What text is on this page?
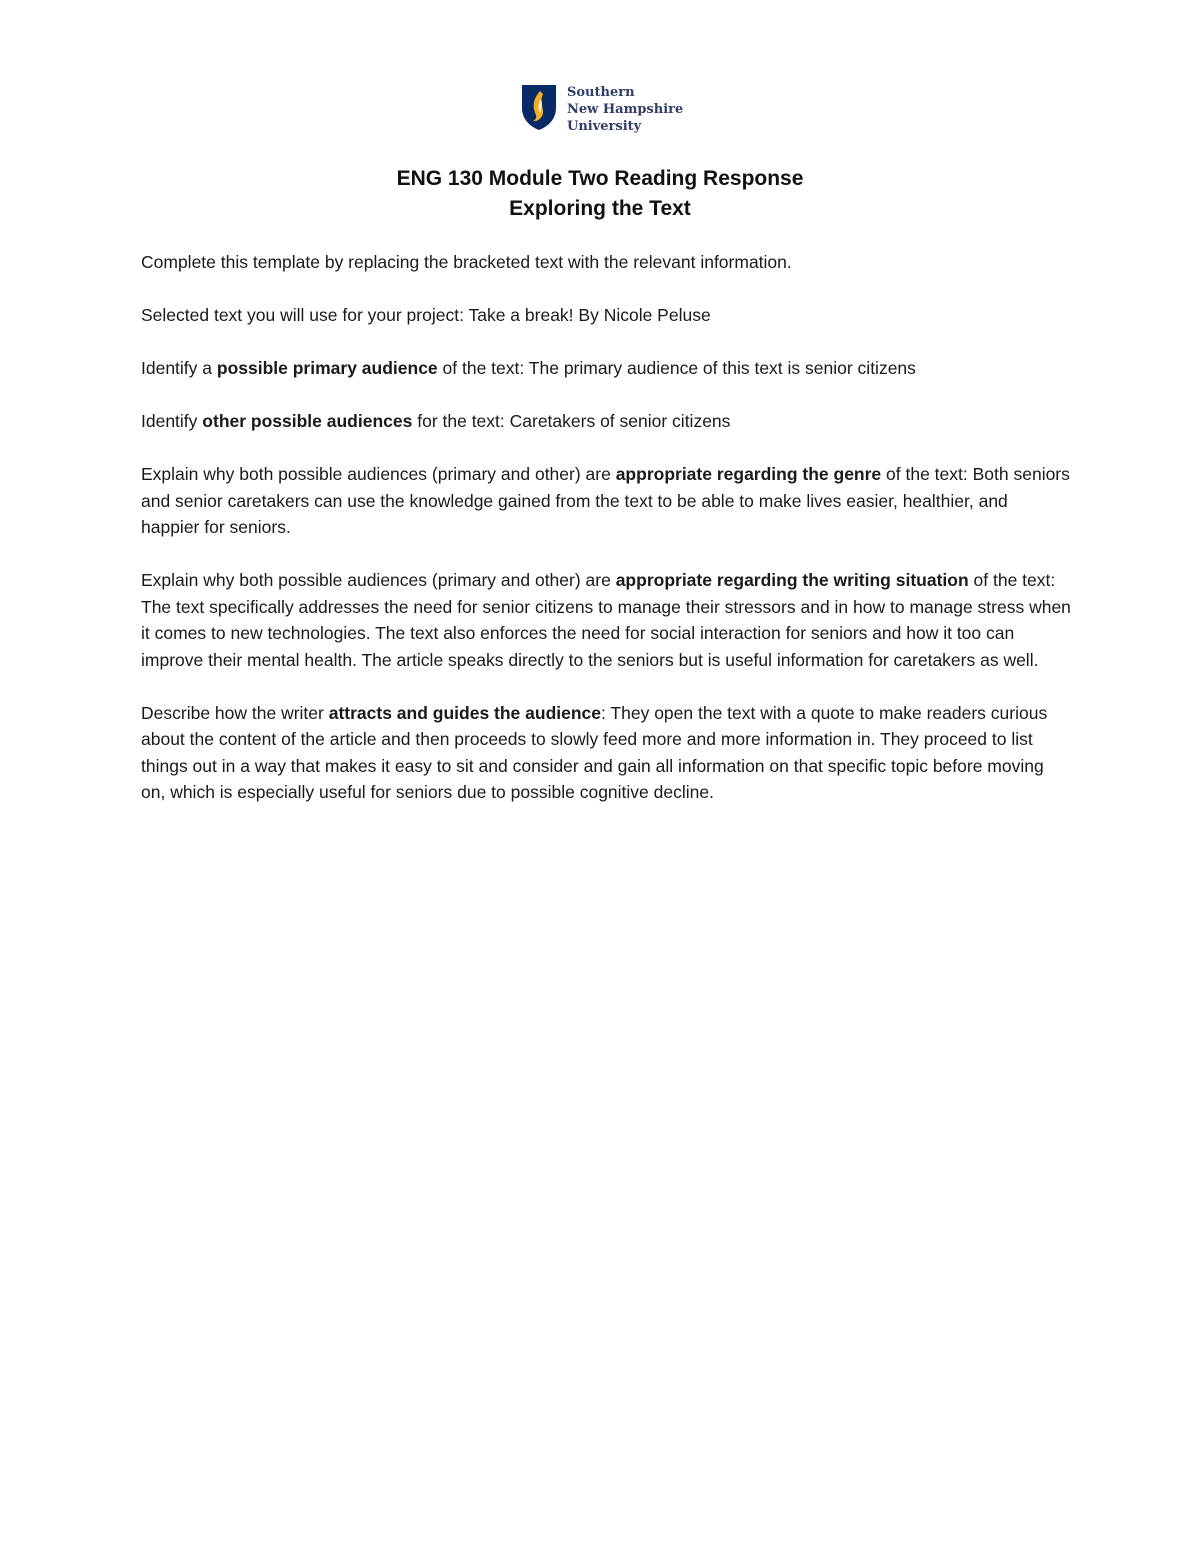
Southern
New Hampshire
University
ENG 130 Module Two Reading Response
Exploring the Text

Complete this template by replacing the bracketed text with the relevant information.

Selected text you will use for your project: Take a break! By Nicole Peluse

Identify a possible primary audience of the text: The primary audience of this text is senior citizens

Identify other possible audiences for the text: Caretakers of senior citizens

Explain why both possible audiences (primary and other) are appropriate regarding the genre of the text: Both seniors and senior caretakers can use the knowledge gained from the text to be able to make lives easier, healthier, and happier for seniors.

Explain why both possible audiences (primary and other) are appropriate regarding the writing situation of the text: The text specifically addresses the need for senior citizens to manage their stressors and in how to manage stress when it comes to new technologies. The text also enforces the need for social interaction for seniors and how it too can improve their mental health. The article speaks directly to the seniors but is useful information for caretakers as well.

Describe how the writer attracts and guides the audience: They open the text with a quote to make readers curious about the content of the article and then proceeds to slowly feed more and more information in. They proceed to list things out in a way that makes it easy to sit and consider and gain all information on that specific topic before moving on, which is especially useful for seniors due to possible cognitive decline.
